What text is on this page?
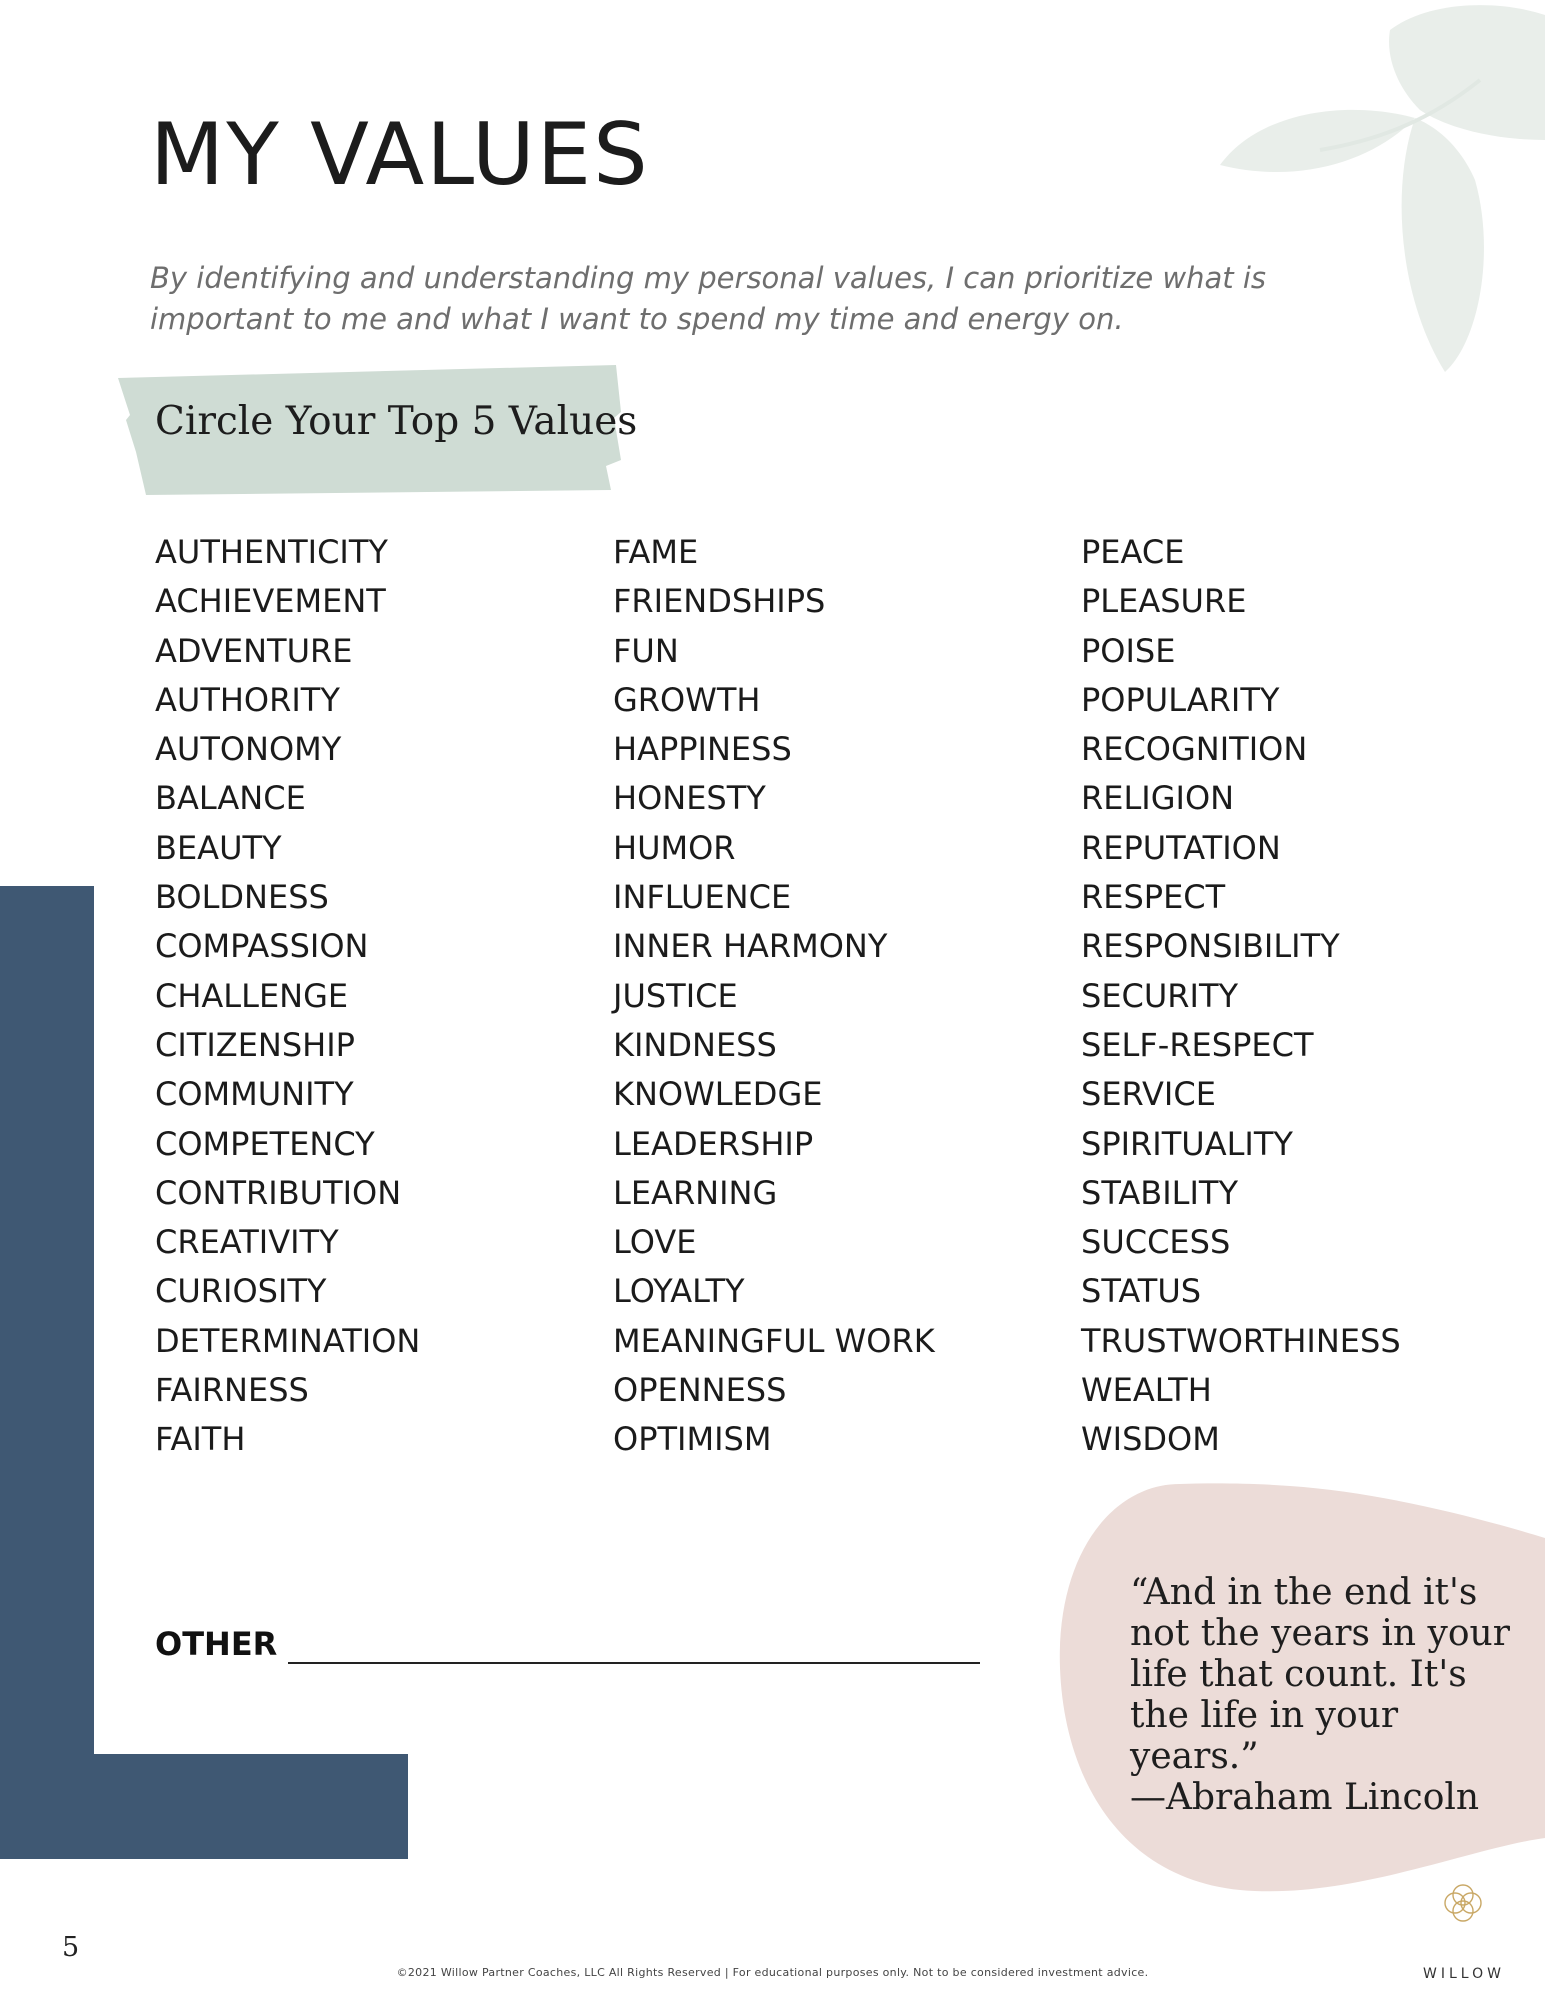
MY VALUES

By identifying and understanding my personal values, I can prioritize what is important to me and what I want to spend my time and energy on.

Circle Your Top 5 Values
AUTHENTICITY
ACHIEVEMENT
ADVENTURE
AUTHORITY
AUTONOMY
BALANCE
BEAUTY
BOLDNESS
COMPASSION
CHALLENGE
CITIZENSHIP
COMMUNITY
COMPETENCY
CONTRIBUTION
CREATIVITY
CURIOSITY
DETERMINATION
FAIRNESS
FAITH
FAME
FRIENDSHIPS
FUN
GROWTH
HAPPINESS
HONESTY
HUMOR
INFLUENCE
INNER HARMONY
JUSTICE
KINDNESS
KNOWLEDGE
LEADERSHIP
LEARNING
LOVE
LOYALTY
MEANINGFUL WORK
OPENNESS
OPTIMISM
PEACE
PLEASURE
POISE
POPULARITY
RECOGNITION
RELIGION
REPUTATION
RESPECT
RESPONSIBILITY
SECURITY
SELF-RESPECT
SERVICE
SPIRITUALITY
STABILITY
SUCCESS
STATUS
TRUSTWORTHINESS
WEALTH
WISDOM
OTHER

“And in the end it's not the years in your life that count. It's the life in your years.”

—Abraham Lincoln

5
©2021 Willow Partner Coaches, LLC All Rights Reserved | For educational purposes only. Not to be considered investment advice.	WILLOW
